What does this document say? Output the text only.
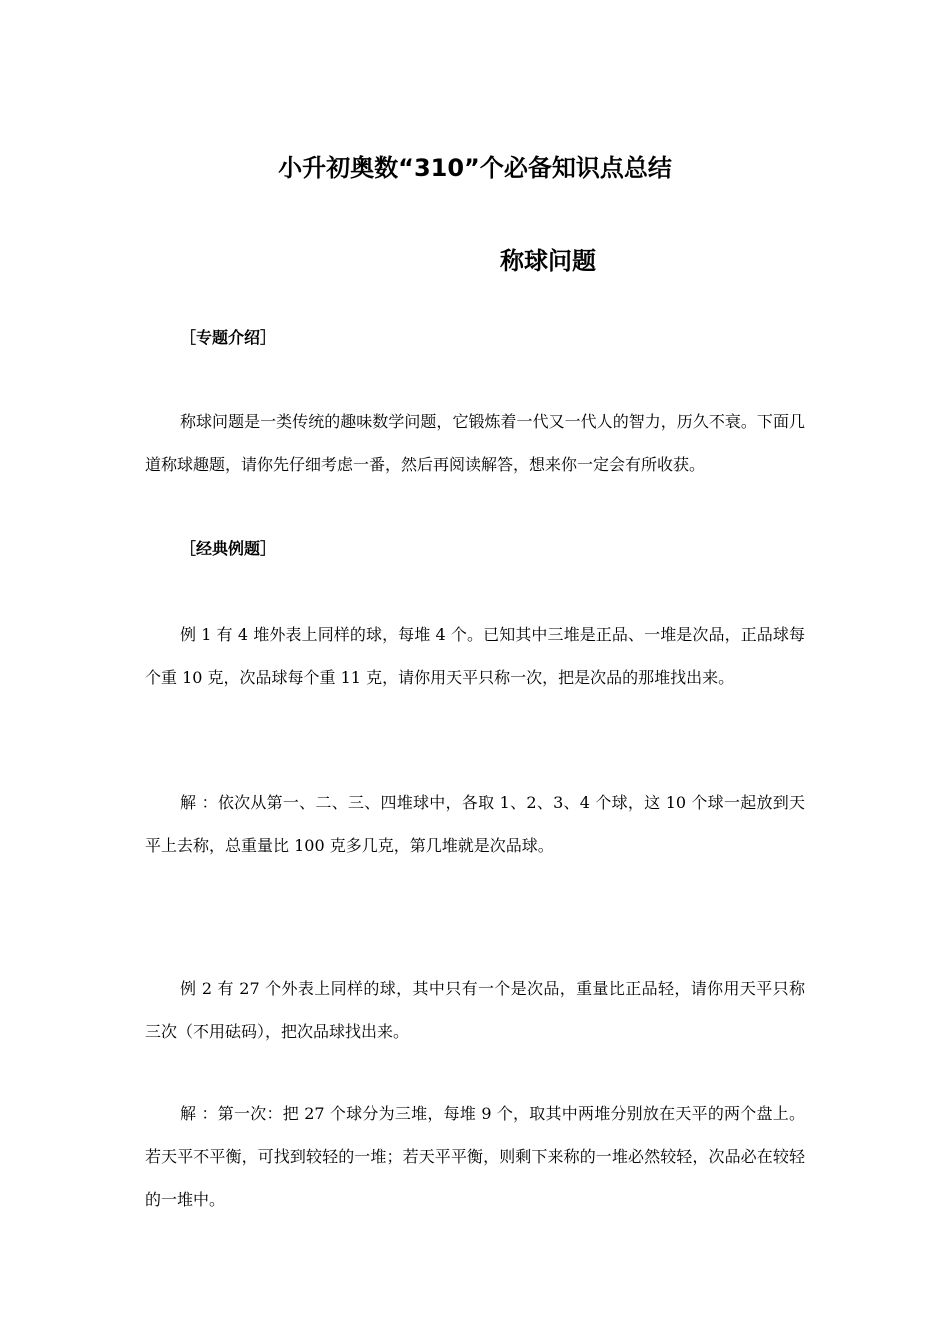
小升初奥数“310”个必备知识点总结
称球问题
［专题介绍］

称球问题是一类传统的趣味数学问题，它锻炼着一代又一代人的智力，历久不衰。下面几道称球趣题，请你先仔细考虑一番，然后再阅读解答，想来你一定会有所收获。

［经典例题］

例 1 有 4 堆外表上同样的球，每堆 4 个。已知其中三堆是正品、一堆是次品，正品球每个重 10 克，次品球每个重 11 克，请你用天平只称一次，把是次品的那堆找出来。

解 ：依次从第一、二、三、四堆球中，各取 1、2、3、4 个球，这 10 个球一起放到天平上去称，总重量比 100 克多几克，第几堆就是次品球。

例 2 有 27 个外表上同样的球，其中只有一个是次品，重量比正品轻，请你用天平只称三次（不用砝码），把次品球找出来。

解 ：第一次：把 27 个球分为三堆，每堆 9 个，取其中两堆分别放在天平的两个盘上。若天平不平衡，可找到较轻的一堆；若天平平衡，则剩下来称的一堆必然较轻，次品必在较轻的一堆中。
